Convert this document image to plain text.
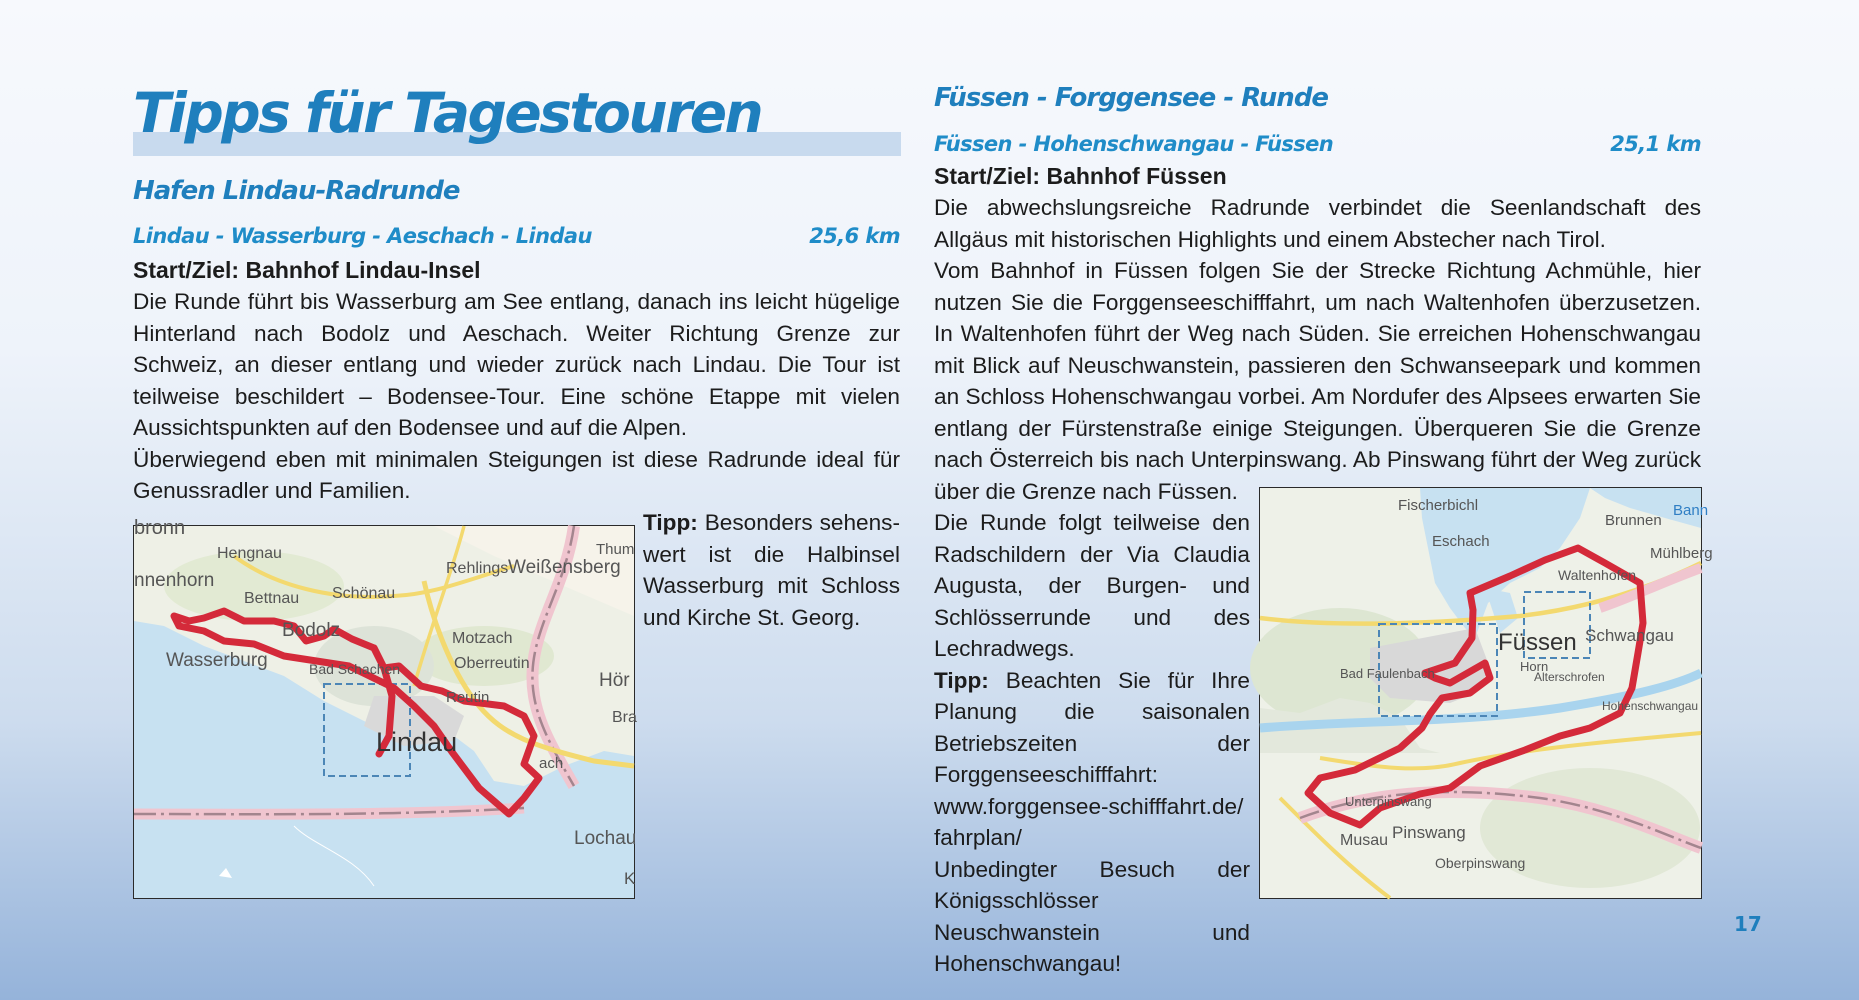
Tipps für Tagestouren
Hafen Lindau-Radrunde
Lindau - Wasserburg - Aeschach - Lindau	25,6 km
Start/Ziel: Bahnhof Lindau-Insel

Die Runde führt bis Wasserburg am See entlang, danach ins leicht hügelige Hinterland nach Bodolz und Aeschach. Weiter Richtung Grenze zur Schweiz, an dieser entlang und wieder zurück nach Lindau. Die Tour ist teilweise beschildert – Bodensee-Tour. Eine schöne Etappe mit vielen Aussichtspunkten auf den Bodensee und auf die Alpen.

Überwiegend eben mit minimalen Steigungen ist diese Radrunde ideal für Genussradler und Familien.

Tipp: Besonders sehenswert ist die Halbinsel Wasserburg mit Schloss und Kirche St. Georg.

bronn
Hengnau
nnenhorn
Bettnau Schönau
Rehlings Weißensberg
Thum
Bodolz
Wasserburg	Bad Schachen
Motzach
Oberreutin
Reutin
Hör
Bra
Lindau
ach
Lochau
K
Füssen - Forggensee - Runde
Füssen - Hohenschwangau - Füssen	25,1 km
Start/Ziel: Bahnhof Füssen

Die abwechslungsreiche Radrunde verbindet die Seenlandschaft des Allgäus mit historischen Highlights und einem Abstecher nach Tirol.

Vom Bahnhof in Füssen folgen Sie der Strecke Richtung Achmühle, hier nutzen Sie die Forggenseeschifffahrt, um nach Waltenhofen überzusetzen. In Waltenhofen führt der Weg nach Süden. Sie erreichen Hohenschwangau mit Blick auf Neuschwanstein, passieren den Schwanseepark und kommen an Schloss Hohenschwangau vorbei. Am Nordufer des Alpsees erwarten Sie entlang der Fürstenstraße einige Steigungen. Überqueren Sie die Grenze nach Österreich bis nach Unterpinswang. Ab Pinswang führt der Weg zurück über die Grenze nach Füssen.

Die Runde folgt teilweise den Radschildern der Via Claudia Augusta, der Burgen- und Schlösserrunde und des Lechradwegs.

Tipp: Beachten Sie für Ihre Planung die saisonalen Betriebszeiten der Forggenseeschifffahrt:

www.forggensee-schifffahrt.de/

fahrplan/

Unbedingter Besuch der Königsschlösser Neuschwanstein und Hohenschwangau!

Fischerbichl
Brunnen
Bann
Eschach
Mühlberg
Waltenhofen
Füssen Schwangau
Bad Faulenbach	Horn
Alterschrofen
Hohenschwangau
Unterpinswang
Musau Pinswang
Oberpinswang
17
